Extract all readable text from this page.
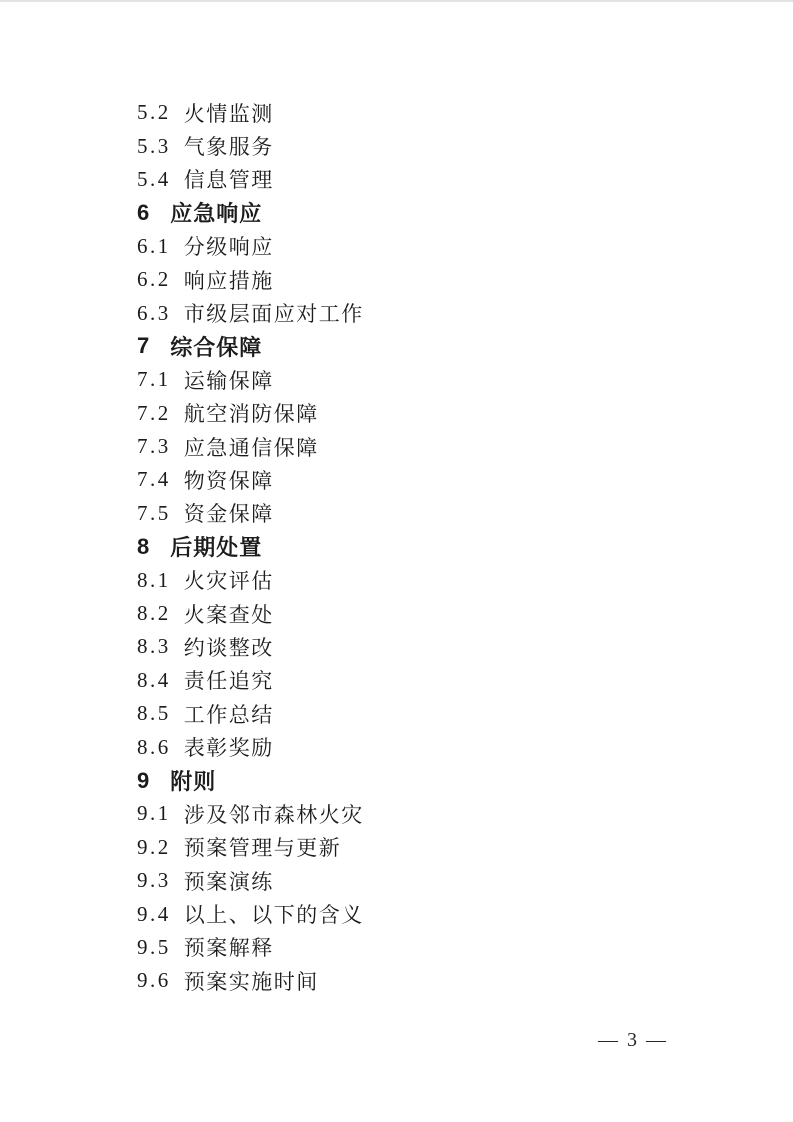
5.2 火情监测
5.3 气象服务
5.4 信息管理
6 应急响应
6.1 分级响应
6.2 响应措施
6.3 市级层面应对工作
7 综合保障
7.1 运输保障
7.2 航空消防保障
7.3 应急通信保障
7.4 物资保障
7.5 资金保障
8 后期处置
8.1 火灾评估
8.2 火案查处
8.3 约谈整改
8.4 责任追究
8.5 工作总结
8.6 表彰奖励
9 附则
9.1 涉及邻市森林火灾
9.2 预案管理与更新
9.3 预案演练
9.4 以上、以下的含义
9.5 预案解释
9.6 预案实施时间
— 3 —
